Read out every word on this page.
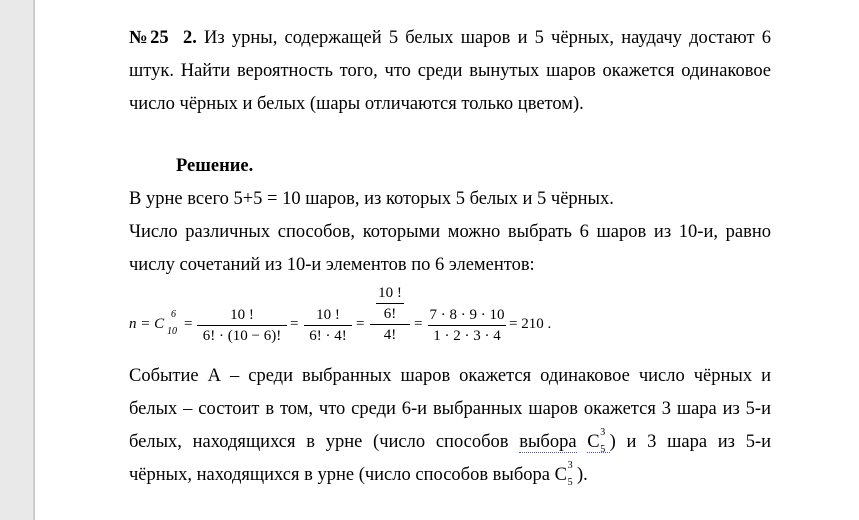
№25 2. Из урны, содержащей 5 белых шаров и 5 чёрных, наудачу достают 6
штук. Найти вероятность того, что среди вынутых шаров окажется одинаковое
число чёрных и белых (шары отличаются только цветом).

Решение.

В урне всего 5+5 = 10 шаров, из которых 5 белых и 5 чёрных.

Число различных способов, которыми можно выбрать 6 шаров из 10-и, равно
числу сочетаний из 10-и элементов по 6 элементов:
n = C
6
10 =
10 !
6! · (10 − 6)!
=
10 !
6! · 4!
=
10 !
6!
4!
=
7 · 8 · 9 · 10
1 · 2 · 3 · 4
= 210 .
Событие А – среди выбранных шаров окажется одинаковое число чёрных и
белых – состоит в том, что среди 6-и выбранных шаров окажется 3 шара из 5-и
белых, находящихся в урне (число способов выбора C 3
5 ) и 3 шара из 5-и
чёрных, находящихся в урне (число способов выбора C 3
5 ).
